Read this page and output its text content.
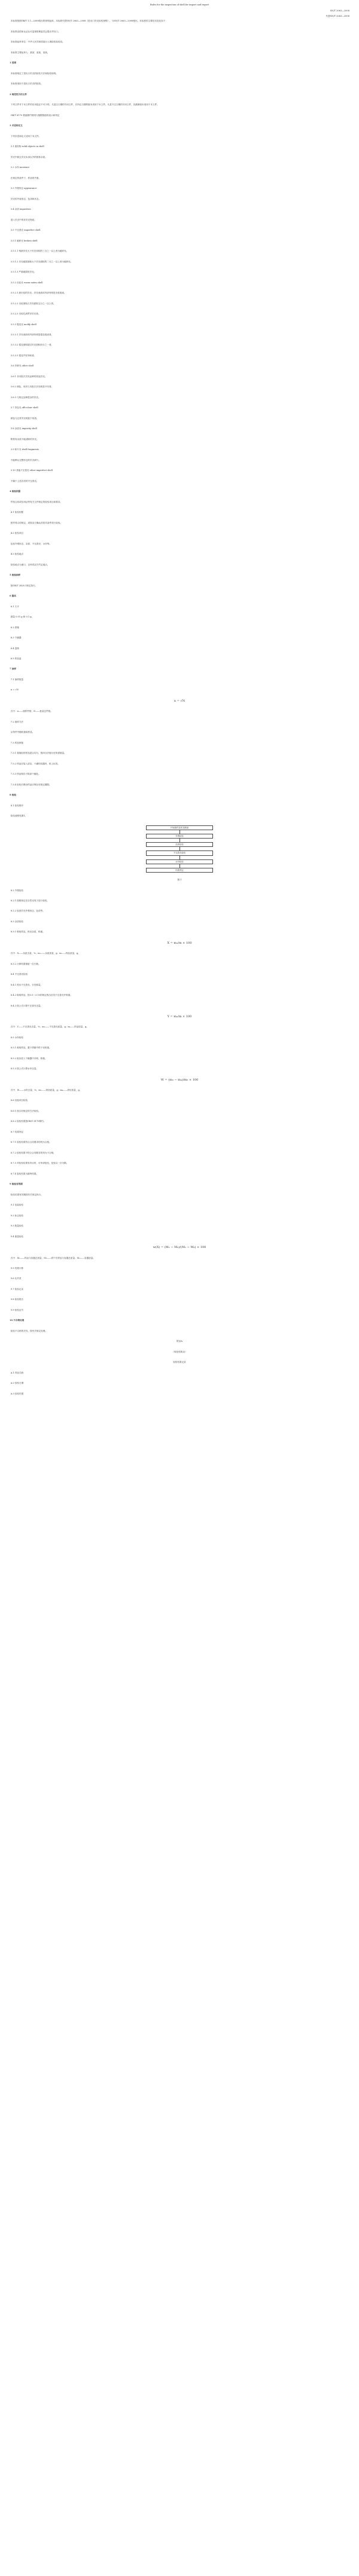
Rules for the inspection of shell for import and export
SN/T 2063—2008
代替SN/T 2063—2008
本标准按照GB/T 1.1—2009给出的规则起草。本标准代替SN/T 2063—2008《进出口贝壳检验规程》，与SN/T 2063—2008相比，本标准的主要技术变化如下：
本标准由国家认证认可监督管理委员会提出并归口。
本标准起草单位：中华人民共和国某出入境检验检疫局。
本标准主要起草人：某某、某某、某某。
1 范围
本标准规定了进出口贝壳的检验方法和检验规则。
本标准适用于进出口贝壳的检验。
2 规范性引用文件
下列文件对于本文件的应用是必不可少的。凡是注日期的引用文件，仅所注日期的版本适用于本文件。凡是不注日期的引用文件，其最新版本适用于本文件。
GB/T 8170 数值修约规则与极限数值的表示和判定
3 术语和定义
下列术语和定义适用于本文件。
3.1 固形物 solid objects in shell
贝壳中除去贝壳本身以外的固体杂质。
3.2 水份 moisture
在规定的条件下，样品的失重。
3.3 外观形态 appearance
贝壳的外表形态、色泽和状态。
3.4 杂质 impurities
混入贝壳中的非贝壳物质。
3.5 不完善壳 imperfect shell
3.5.1 破碎壳 broken shell
3.5.1.1 残缺贝壳大于贝壳体积的三分之一以上者为破碎壳。
3.5.1.2 贝壳破损面积大于贝壳面积的二分之一以上者为破碎壳。
3.5.1.3 严重破损的贝壳。
3.5.2 虫蛀壳 worm-eaten shell
3.5.2.1 被虫蛀的贝壳，贝壳表面或内部有明显虫蛀痕迹。
3.5.2.2 虫蛀面积占贝壳面积五分之一以上者。
3.5.2.3 虫蛀孔洞贯穿贝壳者。
3.5.3 霉变壳 moldy shell
3.5.3.1 贝壳表面或内部有明显霉变痕迹者。
3.5.3.2 霉变面积超过贝壳面积四分之一者。
3.5.3.3 霉变并有异味者。
3.6 异种壳 other shell
3.6.1 非本批次贝壳品种的其他贝壳。
3.6.2 颜色、形状与本批次贝壳明显不同者。
3.6.3 与规定品种混杂的贝壳。
3.7 异色壳 off-colour shell
颜色与正常贝壳明显不同者。
3.8 杂质壳 impurity shell
附着有杂质不能清除的贝壳。
3.9 碎片壳 shell fragments
不能辨认完整形态的贝壳碎片。
3.10 其他不完善壳 other imperfect shell
不属于上述各类的不完善壳。
4 检验依据
贸易合同或信用证等有关文件规定的检验项目和要求。
4.1 检验依据
按贸易合同规定，或按双方确认的技术条件进行检验。
4.2 检验项目
包括外观形态、杂质、不完善壳、水份等。
4.3 检验地点
检验地点为港口、仓库或双方约定地点。
5 检验抽样
按GB/T 2828.1规定执行。
6 器具
6.1 天平
感量 0.01 g 和 0.1 g。
6.2 烘箱
6.3 干燥器
6.4 量筒
6.5 样品盘
7 抽样
7.1 抽样数量
n = √N
n = √N
式中：n——抽样件数；N——批量总件数。
7.2 抽样方法
从每件中随机抽取样品。
7.3 样品制备
7.3.1 将抽取的样品混合均匀，按四分法缩分至所需数量。
7.3.2 样品应装入清洁、干燥的容器内，贴上标签。
7.3.3 样品保存于阴凉干燥处。
7.3.4 检验后剩余样品应保存至规定期限。
8 检验
8.1 检验程序
检验流程见图1。
开始抽样及样品制备
外观检验
杂质检验
不完善壳检验
水份检验
结果判定
图 1
8.2 外观检验
8.2.1 按照规定在自然光线下进行检验。
8.2.2 检查贝壳外观形态、色泽等。
8.3 杂质检验
8.3.1 称取样品，拣出杂质，称重。
X = m₁/m × 100
式中：X——杂质含量，%；m₁——杂质质量，g；m——样品质量，g。
8.3.2 计算结果保留一位小数。
8.4 不完善壳检验
8.4.1 拣出不完善壳，分类称量。
8.4.2 称取样品，按3.5～3.10的规定拣出各类不完善壳并称重。
8.4.3 按公式计算不完善壳含量。
Y = m₂/m × 100
式中：Y——不完善壳含量，%；m₂——不完善壳质量，g；m——样品质量，g。
8.5 水份检验
8.5.1 称取样品，置于烘箱中烘干至恒重。
8.5.2 取出放入干燥器中冷却，称重。
8.5.3 按公式计算水份含量。
W = (m₃ − m₄)/m₃ × 100
式中：W——水份含量，%；m₃——烘前质量，g；m₄——烘后质量，g。
8.6 其他项目检验
8.6.1 按合同规定的方法检验。
8.6.2 检验结果按GB/T 8170修约。
8.7 结果判定
8.7.1 检验结果符合合同要求的判为合格。
8.7.2 检验结果不符合合同要求的判为不合格。
8.7.3 对检验结果有异议时，可申请复验，复验以一次为限。
8.7.4 复验结果为最终结果。
9 检验有效期
检验结果有效期按有关规定执行。
9.1 包装检验
9.2 标志检验
9.3 数量检验
9.4 重量检验
w(X) = (M₁ − M₂)/(M₁ − M₃) × 100
式中：M₁——样品与容器总质量；M₂——烘干后样品与容器总质量；M₃——容器质量。
9.5 结果计算
9.6 允许差
9.7 检验记录
9.8 检验报告
9.9 检验证书
10 不合格处理
检验不合格的贝壳，按有关规定处理。
附录A
（规范性附录）
检验结果记录
A.1 样品名称
A.2 检验日期
A.3 检验结果
